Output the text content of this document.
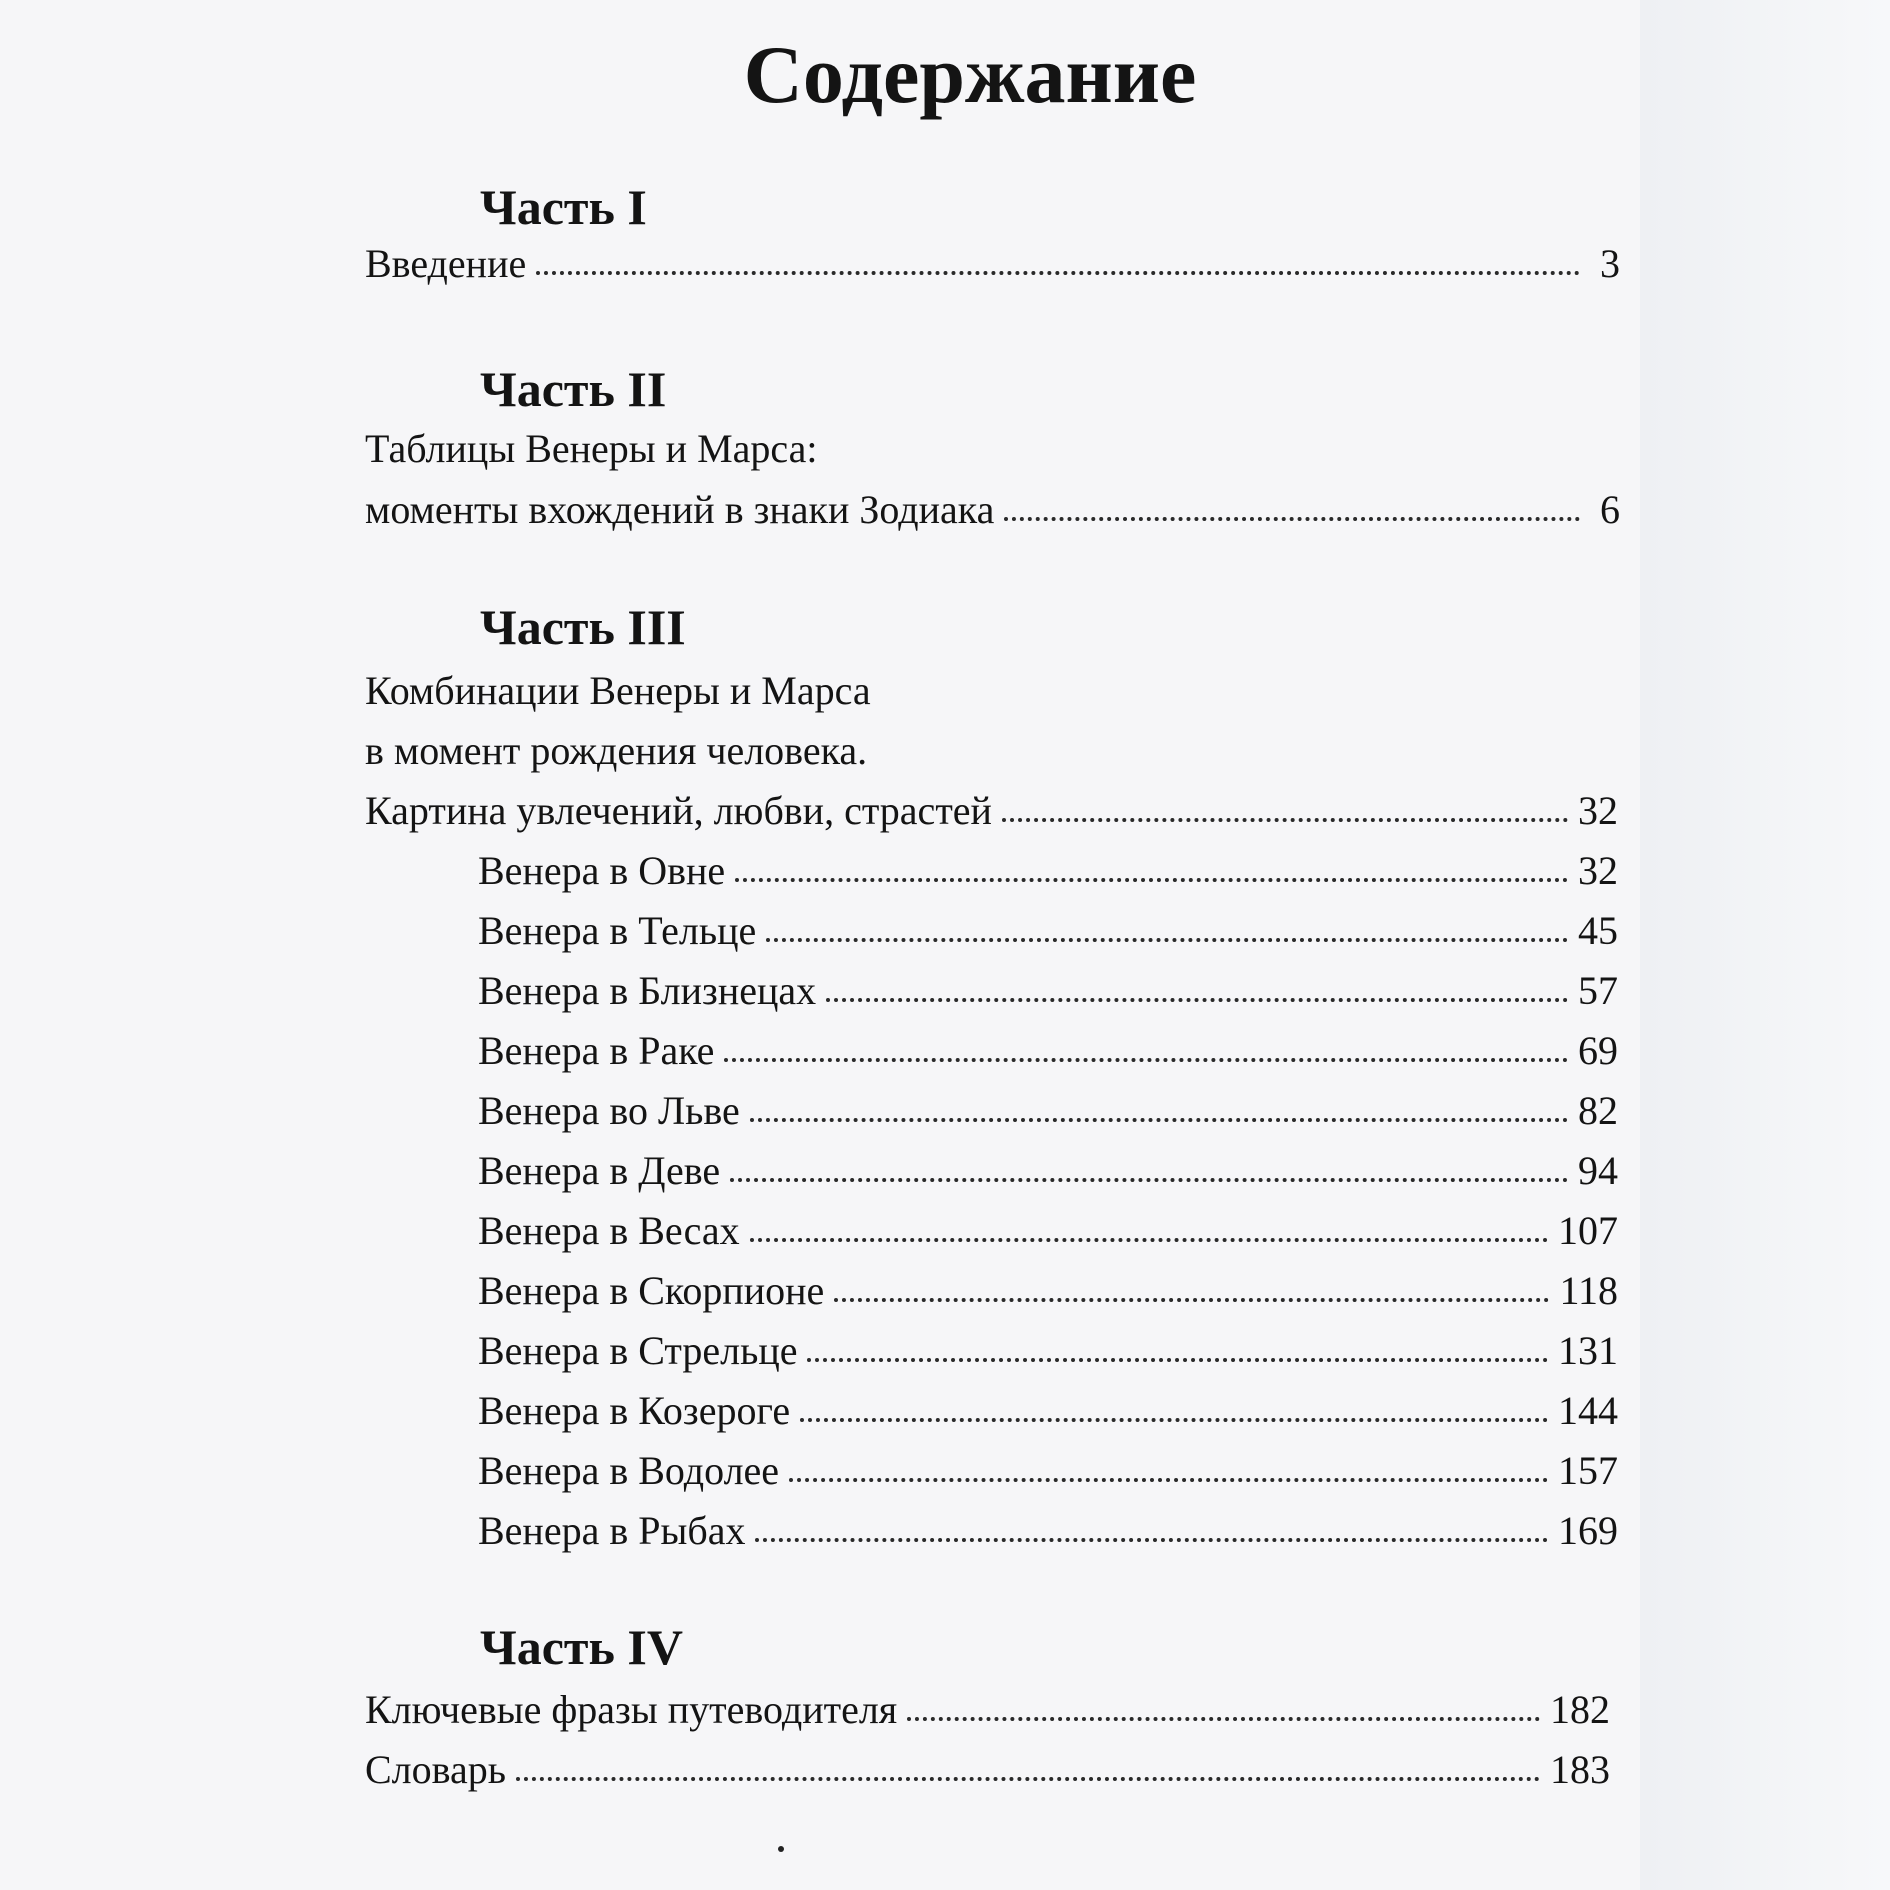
Содержание
Часть I
Введение	3
Часть II
Таблицы Венеры и Марса:
моменты вхождений в знаки Зодиака	6
Часть III
Комбинации Венеры и Марса
в момент рождения человека.
Картина увлечений, любви, страстей	32
Венера в Овне	32
Венера в Тельце	45
Венера в Близнецах	57
Венера в Раке	69
Венера во Льве	82
Венера в Деве	94
Венера в Весах	107
Венера в Скорпионе	118
Венера в Стрельце	131
Венера в Козероге	144
Венера в Водолее	157
Венера в Рыбах	169
Часть IV
Ключевые фразы путеводителя	182
Словарь	183
